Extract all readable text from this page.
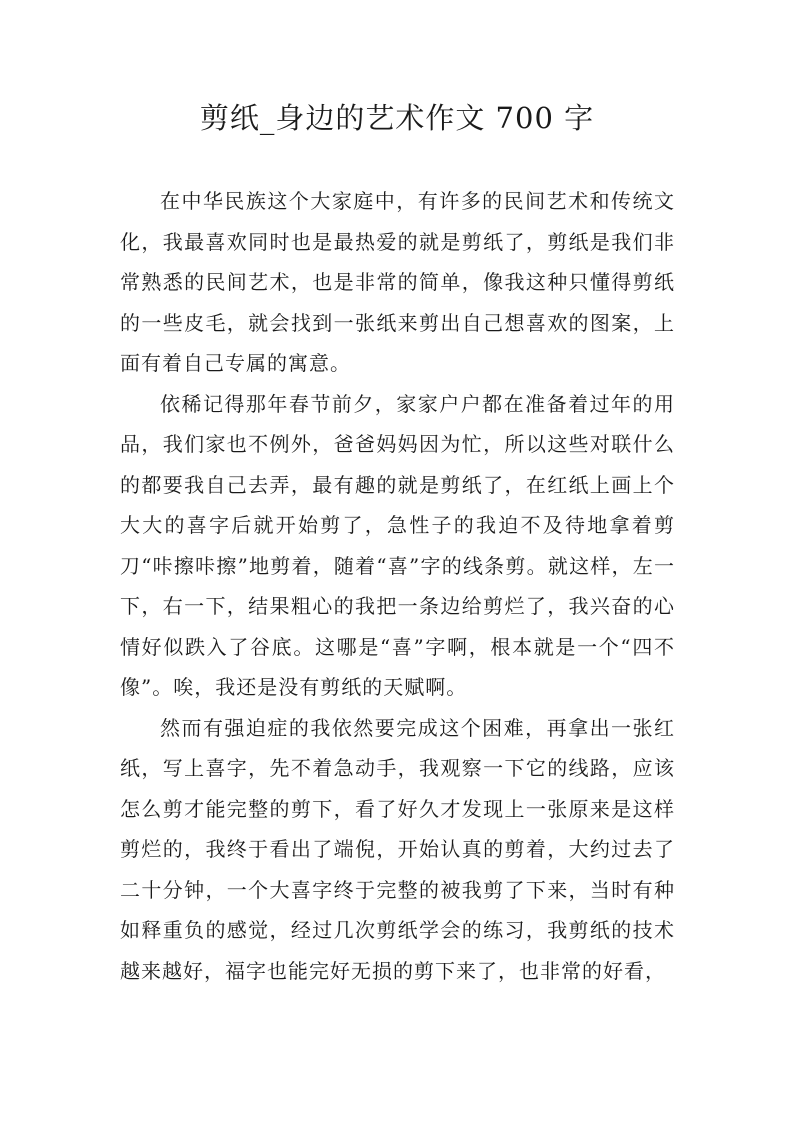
剪纸_身边的艺术作文 700 字

在中华民族这个大家庭中，有许多的民间艺术和传统文化，我最喜欢同时也是最热爱的就是剪纸了，剪纸是我们非常熟悉的民间艺术，也是非常的简单，像我这种只懂得剪纸的一些皮毛，就会找到一张纸来剪出自己想喜欢的图案，上面有着自己专属的寓意。

依稀记得那年春节前夕，家家户户都在准备着过年的用品，我们家也不例外，爸爸妈妈因为忙，所以这些对联什么的都要我自己去弄，最有趣的就是剪纸了，在红纸上画上个大大的喜字后就开始剪了，急性子的我迫不及待地拿着剪刀“咔擦咔擦”地剪着，随着“喜”字的线条剪。就这样，左一下，右一下，结果粗心的我把一条边给剪烂了，我兴奋的心情好似跌入了谷底。这哪是“喜”字啊，根本就是一个“四不像”。唉，我还是没有剪纸的天赋啊。

然而有强迫症的我依然要完成这个困难，再拿出一张红纸，写上喜字，先不着急动手，我观察一下它的线路，应该怎么剪才能完整的剪下，看了好久才发现上一张原来是这样剪烂的，我终于看出了端倪，开始认真的剪着，大约过去了二十分钟，一个大喜字终于完整的被我剪了下来，当时有种如释重负的感觉，经过几次剪纸学会的练习，我剪纸的技术越来越好，福字也能完好无损的剪下来了，也非常的好看，
